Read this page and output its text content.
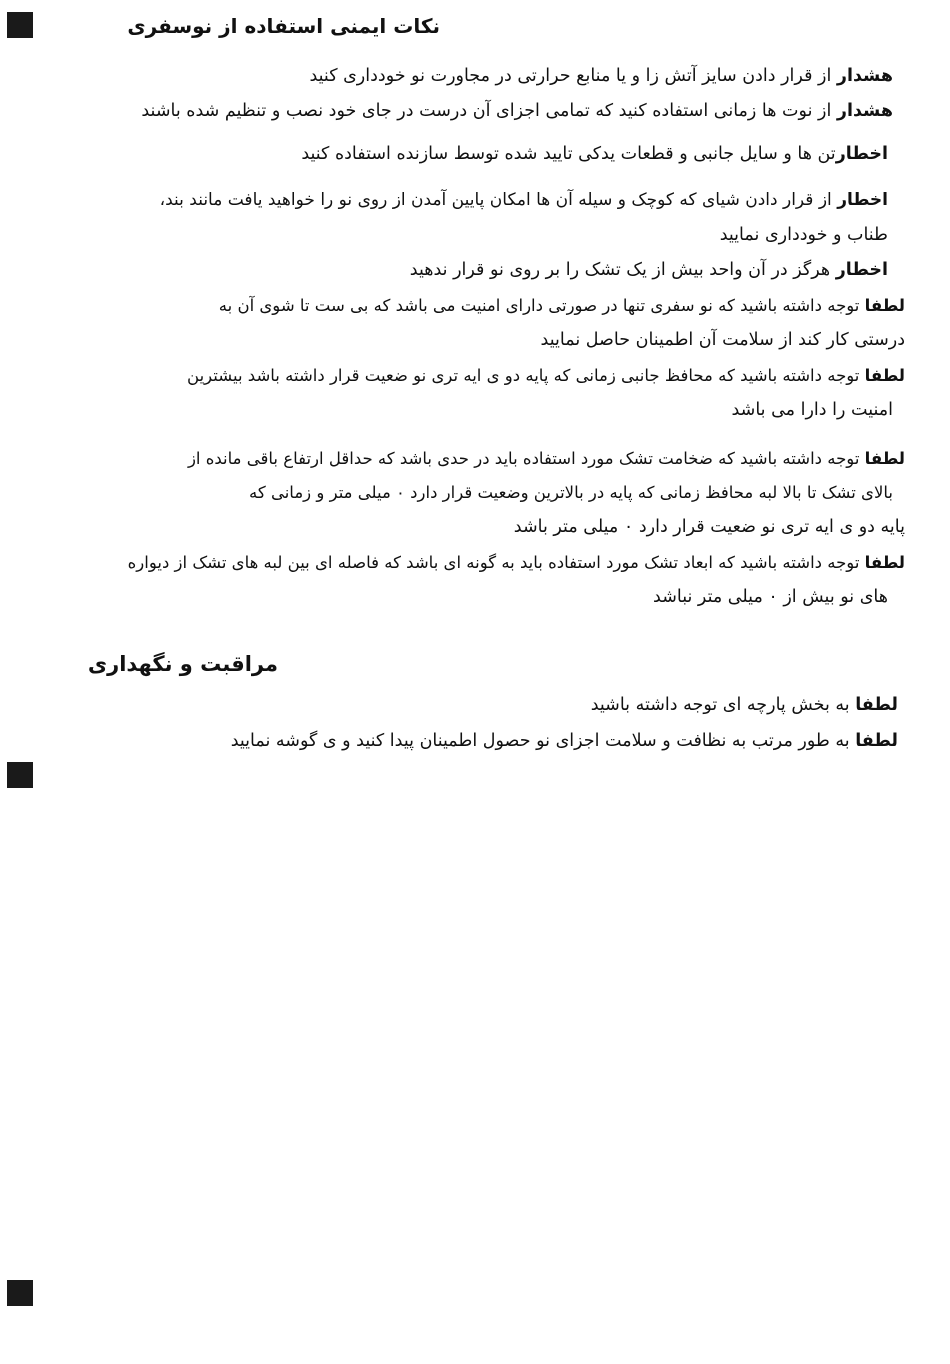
نکات ایمنی استفاده از نوسفری
هشدار از قرار دادن سایز آتش زا و یا منابع حرارتی در مجاورت نو خودداری کنید
هشدار از نوت ها زمانی استفاده کنید که تمامی اجزای آن درست در جای خود نصب و تنظیم شده باشند
اخطارتن ها و سایل جانبی و قطعات یدکی تایید شده توسط سازنده استفاده کنید
اخطار از قرار دادن شیای که کوچک و سیله آن ها امکان پایین آمدن از روی نو را خواهید یافت مانند بند،
طناب و خودداری نمایید
اخطار هرگز در آن واحد بیش از یک تشک را بر روی نو قرار ندهید
لطفا توجه داشته باشید که نو سفری تنها در صورتی دارای امنیت می باشد که بی ست تا شوی آن به
درستی کار کند از سلامت آن اطمینان حاصل نمایید
لطفا توجه داشته باشید که محافظ جانبی زمانی که پایه دو ی ایه تری نو ضعیت قرار داشته باشد بیشترین
امنیت را دارا می باشد
لطفا توجه داشته باشید که ضخامت تشک مورد استفاده باید در حدی باشد که حداقل ارتفاع باقی مانده از
بالای تشک تا بالا لبه محافظ زمانی که پایه در بالاترین وضعیت قرار دارد ۰ میلی متر و زمانی که
پایه دو ی ایه تری نو ضعیت قرار دارد ۰ میلی متر باشد
لطفا توجه داشته باشید که ابعاد تشک مورد استفاده باید به گونه ای باشد که فاصله ای بین لبه های تشک از دیواره
های نو بیش از ۰ میلی متر نباشد
مراقبت و نگهداری
لطفا به بخش پارچه ای توجه داشته باشید
لطفا به طور مرتب به نظافت و سلامت اجزای نو حصول اطمینان پیدا کنید و ی گوشه نمایید
